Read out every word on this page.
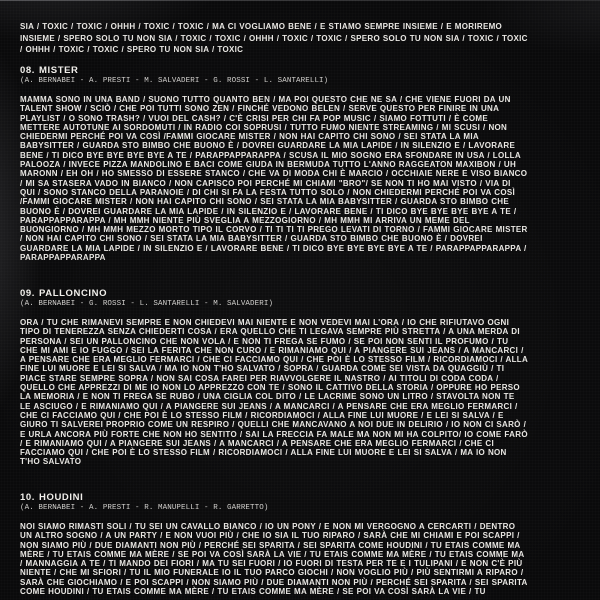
SIA / TOXIC / TOXIC / OHHH / TOXIC / TOXIC / MA CI VOGLIAMO BENE / E STIAMO SEMPRE INSIEME / E MORIREMO INSIEME / SPERO SOLO TU NON SIA / TOXIC / TOXIC / OHHH / TOXIC / TOXIC / SPERO SOLO TU NON SIA / TOXIC / TOXIC / OHHH / TOXIC / TOXIC / SPERO TU NON SIA / TOXIC

08. MISTER

(A. BERNABEI - A. PRESTI - M. SALVADERI - G. ROSSI - L. SANTARELLI)

MAMMA SONO IN UNA BAND / SUONO TUTTO QUANTO BEN / MA POI QUESTO CHE NE SA / CHE VIENE FUORI DA UN TALENT SHOW / SCIÒ / CHE POI TUTTI SONO ZEN / FINCHÉ VEDONO BELEN / SERVE QUESTO PER FINIRE IN UNA PLAYLIST / O SONO TRASH? / VUOI DEL CASH? / C'È CRISI PER CHI FA POP MUSIC / SIAMO FOTTUTI / È COME METTERE AUTOTUNE AI SORDOMUTI / IN RADIO COI SOPRUSI / TUTTO FUMO NIENTE STREAMING / MI SCUSI / NON CHIEDERMI PERCHÉ POI VA COSÌ /FAMMI GIOCARE MISTER / NON HAI CAPITO CHI SONO / SEI STATA LA MIA BABYSITTER / GUARDA STO BIMBO CHE BUONO È / DOVREI GUARDARE LA MIA LAPIDE / IN SILENZIO E / LAVORARE BENE / TI DICO BYE BYE BYE BYE A TE / PARAPPAPPARAPPA / SCUSA IL MIO SOGNO ERA SFONDARE IN USA / LOLLA PALOOZA / INVECE PIZZA MANDOLINO E BACI COME GIUDA IN BERMUDA TUTTO L'ANNO RAGGEATON MAXIBON / UH MARONN / EH OH / HO SMESSO DI ESSERE STANCO / CHE VA DI MODA CHI È MARCIO / OCCHIAIE NERE E VISO BIANCO / MI SA STASERA VADO IN BIANCO / NON CAPISCO POI PERCHÉ MI CHIAMI "BRO"/ SE NON TI HO MAI VISTO / VIA DI QUI / SONO STANCO DELLA PARANOIE / DI CHI SI FA LA FESTA TUTTO SOLO / NON CHIEDERMI PERCHÉ POI VA COSÌ /FAMMI GIOCARE MISTER / NON HAI CAPITO CHI SONO / SEI STATA LA MIA BABYSITTER / GUARDA STO BIMBO CHE BUONO È / DOVREI GUARDARE LA MIA LAPIDE / IN SILENZIO E / LAVORARE BENE / TI DICO BYE BYE BYE BYE A TE / PARAPPAPPARAPPA / MH MMH NIENTE PIÙ SVEGLIA A MEZZOGIORNO / MH MMH MI ARRIVA UN MEME DEL BUONGIORNO / MH MMH MEZZO MORTO TIPO IL CORVO / TI TI TI TI PREGO LEVATI DI TORNO / FAMMI GIOCARE MISTER / NON HAI CAPITO CHI SONO / SEI STATA LA MIA BABYSITTER / GUARDA STO BIMBO CHE BUONO È / DOVREI GUARDARE LA MIA LAPIDE / IN SILENZIO E / LAVORARE BENE / TI DICO BYE BYE BYE BYE A TE / PARAPPAPPARAPPA / PARAPPAPPARAPPA

09. PALLONCINO

(A. BERNABEI - G. ROSSI - L. SANTARELLI - M. SALVADERI)

ORA / TU CHE RIMANEVI SEMPRE E NON CHIEDEVI MAI NIENTE E NON VEDEVI MAI L'ORA / IO CHE RIFIUTAVO OGNI TIPO DI TENEREZZA SENZA CHIEDERTI COSA / ERA QUELLO CHE TI LEGAVA SEMPRE PIÙ STRETTA / A UNA MERDA DI PERSONA / SEI UN PALLONCINO CHE NON VOLA / E NON TI FREGA SE FUMO / SE POI NON SENTI IL PROFUMO / TU CHE MI AMI E IO FUGGO / SEI LA FERITA CHE NON CURO / E RIMANIAMO QUI / A PIANGERE SUI JEANS / A MANCARCI / A PENSARE CHE ERA MEGLIO FERMARCI / CHE CI FACCIAMO QUI / CHE POI È LO STESSO FILM / RICORDIAMOCI / ALLA FINE LUI MUORE E LEI SI SALVA / MA IO NON T'HO SALVATO / SOPRA / GUARDA COME SEI VISTA DA QUAGGIÙ / TI PIACE STARE SEMPRE SOPRA / NON SAI COSA FAREI PER RIAVVOLGERE IL NASTRO / AI TITOLI DI CODA CODA / QUELLO CHE APPREZZI DI ME IO NON LO APPREZZO CON TE / SONO IL CATTIVO DELLA STORIA / OPPURE HO PERSO LA MEMORIA / E NON TI FREGA SE RUBO / UNA CIGLIA COL DITO / LE LACRIME SONO UN LITRO / STAVOLTA NON TE LE ASCIUGO / E RIMANIAMO QUI / A PIANGERE SUI JEANS / A MANCARCI / A PENSARE CHE ERA MEGLIO FERMARCI / CHE CI FACCIAMO QUI / CHE POI È LO STESSO FILM / RICORDIAMOCI / ALLA FINE LUI MUORE / E LEI SI SALVA / E GIURO TI SALVEREI PROPRIO COME UN RESPIRO / QUELLI CHE MANCAVANO A NOI DUE IN DELIRIO / IO NON CI SARÒ / E URLA ANCORA PIÙ FORTE CHE NON HO SENTITO / SAI LA FRECCIA FA MALE MA NON MI HA COLPITO/ IO COME FARÒ / E RIMANIAMO QUI / A PIANGERE SUI JEANS / A MANCARCI / A PENSARE CHE ERA MEGLIO FERMARCI / CHE CI FACCIAMO QUI / CHE POI È LO STESSO FILM / RICORDIAMOCI / ALLA FINE LUI MUORE E LEI SI SALVA / MA IO NON T'HO SALVATO

10. HOUDINI

(A. BERNABEI - A. PRESTI - R. MANUPELLI - R. GARRETTO)

NOI SIAMO RIMASTI SOLI / TU SEI UN CAVALLO BIANCO / IO UN PONY / E NON MI VERGOGNO A CERCARTI / DENTRO UN ALTRO SOGNO / A UN PARTY / E NON VUOI PIÙ / CHE IO SIA IL TUO RIPARO / SARÀ CHE MI CHIAMI E POI SCAPPI / NON SIAMO PIÙ / DUE DIAMANTI NON PIÙ / PERCHÉ SEI SPARITA / SEI SPARITA COME HOUDINI / TU ETAIS COMME MA MÈRE / TU ETAIS COMME MA MÈRE / SE POI VA COSÌ SARÀ LA VIE / TU ETAIS COMME MA MÈRE / TU ETAIS COMME MA / MANNAGGIA A TE / TI MANDO DEI FIORI / MA TU SEI FUORI / IO FUORI DI TESTA PER TE E I TULIPANI / E NON C'È PIÙ NIENTE / CHE MI SFIORI / TU IL MIO FUNERALE IO IL TUO PARCO GIOCHI / NON VOGLIO PIÙ / PIÙ SENTIRMI A RIPARO / SARÀ CHE GIOCHIAMO / E POI SCAPPI / NON SIAMO PIÙ / DUE DIAMANTI NON PIÙ / PERCHÉ SEI SPARITA / SEI SPARITA COME HOUDINI / TU ETAIS COMME MA MÈRE / TU ETAIS COMME MA MÈRE / SE POI VA COSÌ SARÀ LA VIE / TU
